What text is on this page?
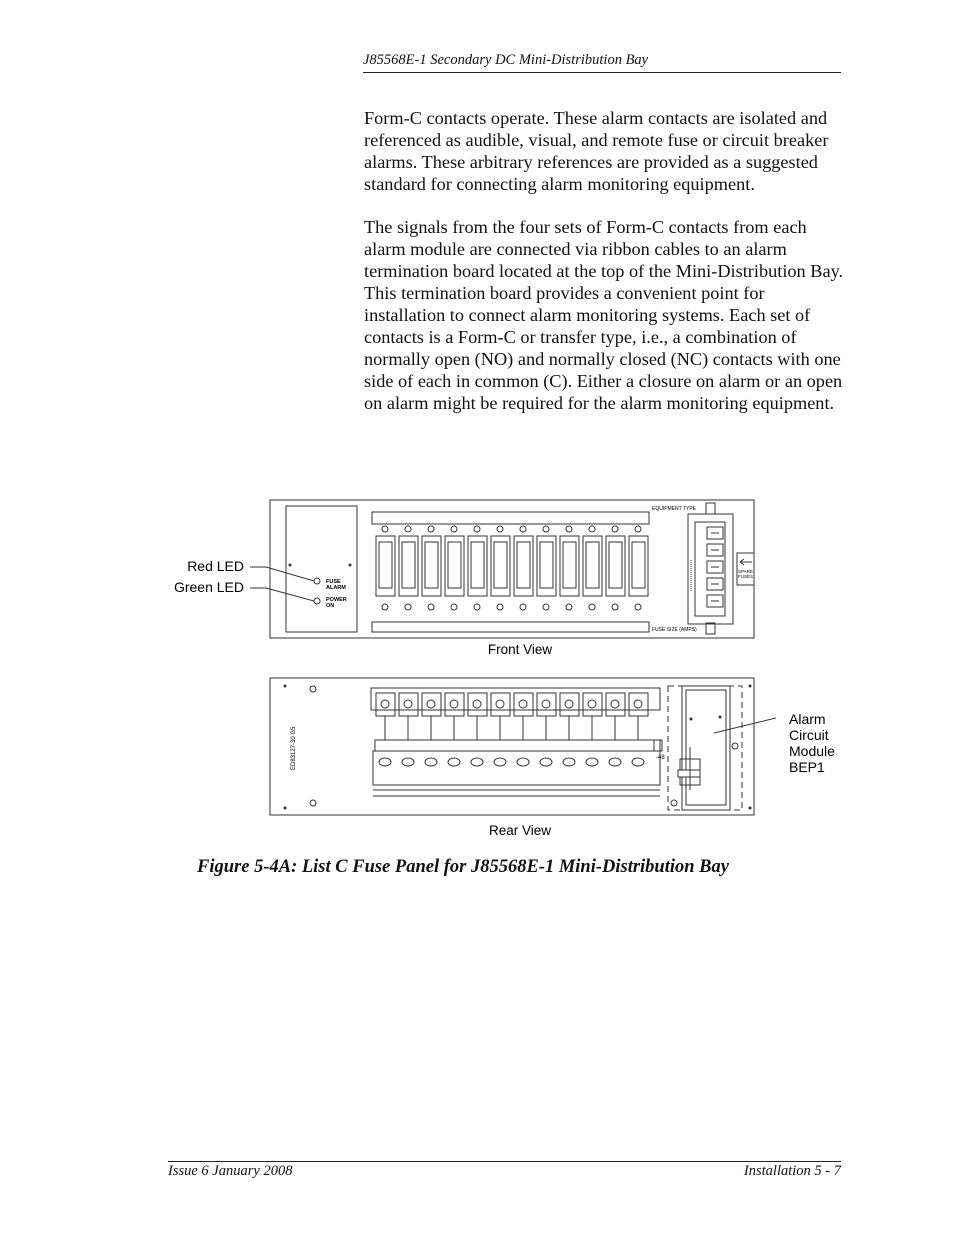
J85568E-1 Secondary DC Mini-Distribution Bay

Form-C contacts operate. These alarm contacts are isolated and referenced as audible, visual, and remote fuse or circuit breaker alarms. These arbitrary references are provided as a suggested standard for connecting alarm monitoring equipment.

The signals from the four sets of Form-C contacts from each alarm module are connected via ribbon cables to an alarm termination board located at the top of the Mini-Distribution Bay. This termination board provides a convenient point for installation to connect alarm monitoring systems. Each set of contacts is a Form-C or transfer type, i.e., a combination of normally open (NO) and normally closed (NC) contacts with one side of each in common (C). Either a closure on alarm or an open on alarm might be required for the alarm monitoring equipment.

FUSE
ALARM
POWER
ON
EQUIPMENT TYPE
FUSE SIZE (AMPS)
SPARE
FUSES
Red LED
Green LED
Front View
ED83127-30 G5	-48
Alarm
Circuit
Module
BEP1
Rear View
Figure 5-4A: List C Fuse Panel for J85568E-1 Mini-Distribution Bay
Issue 6 January 2008	Installation 5 - 7
